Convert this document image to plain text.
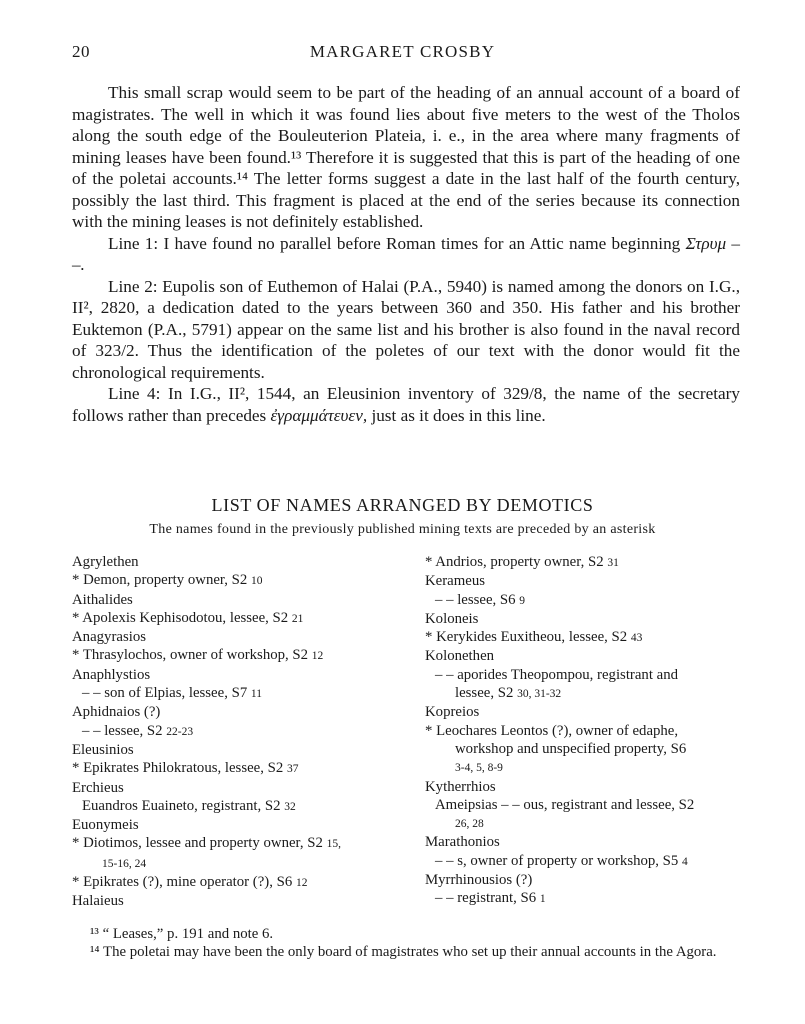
20	MARGARET CROSBY

This small scrap would seem to be part of the heading of an annual account of a board of magistrates. The well in which it was found lies about five meters to the west of the Tholos along the south edge of the Bouleuterion Plateia, i. e., in the area where many fragments of mining leases have been found.¹³ Therefore it is suggested that this is part of the heading of one of the poletai accounts.¹⁴ The letter forms suggest a date in the last half of the fourth century, possibly the last third. This fragment is placed at the end of the series because its connection with the mining leases is not definitely established.

Line 1: I have found no parallel before Roman times for an Attic name beginning Στρυμ – –.

Line 2: Eupolis son of Euthemon of Halai (P.A., 5940) is named among the donors on I.G., II², 2820, a dedication dated to the years between 360 and 350. His father and his brother Euktemon (P.A., 5791) appear on the same list and his brother is also found in the naval record of 323/2. Thus the identification of the poletes of our text with the donor would fit the chronological requirements.

Line 4: In I.G., II², 1544, an Eleusinion inventory of 329/8, the name of the secretary follows rather than precedes ἐγραμμάτευεν, just as it does in this line.

LIST OF NAMES ARRANGED BY DEMOTICS
The names found in the previously published mining texts are preceded by an asterisk
Agrylethen
* Demon, property owner, S2 10
Aithalides
* Apolexis Kephisodotou, lessee, S2 21
Anagyrasios
* Thrasylochos, owner of workshop, S2 12
Anaphlystios
– – son of Elpias, lessee, S7 11
Aphidnaios (?)
– – lessee, S2 22-23
Eleusinios
* Epikrates Philokratous, lessee, S2 37
Erchieus
Euandros Euaineto, registrant, S2 32
Euonymeis
* Diotimos, lessee and property owner, S2 15,
15-16, 24
* Epikrates (?), mine operator (?), S6 12
Halaieus
* Andrios, property owner, S2 31
Kerameus
– – lessee, S6 9
Koloneis
* Kerykides Euxitheou, lessee, S2 43
Kolonethen
– – aporides Theopompou, registrant and
lessee, S2 30, 31-32
Kopreios
* Leochares Leontos (?), owner of edaphe,
workshop and unspecified property, S6
3-4, 5, 8-9
Kytherrhios
Ameipsias – – ous, registrant and lessee, S2
26, 28
Marathonios
– – s, owner of property or workshop, S5 4
Myrrhinousios (?)
– – registrant, S6 1
¹³ “ Leases,” p. 191 and note 6.
¹⁴ The poletai may have been the only board of magistrates who set up their annual accounts in the Agora.
